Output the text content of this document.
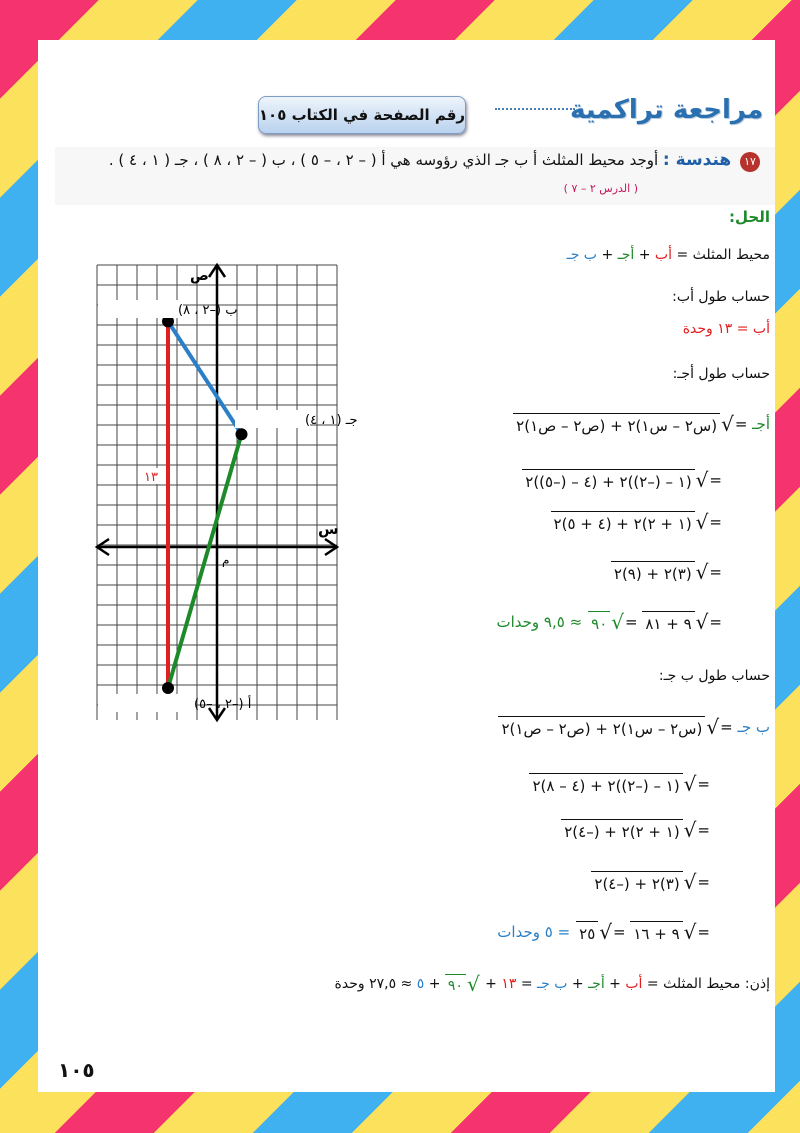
مراجعة تراكمية
رقم الصفحة في الكتاب ١٠٥
١٧ هندسة : أوجد محيط المثلث أ ب جـ الذي رؤوسه هي أ ( – ٢ ، – ٥ ) ، ب ( – ٢ ، ٨ ) ، جـ ( ١ ، ٤ ) .
( الدرس ٢ – ٧ )
الحل:
محيط المثلث = أب + أجـ + ب جـ
حساب طول أب:
أب = ١٣ وحدة
حساب طول أجـ:
أجـ
=
√
(س٢ – س١)٢ + (ص٢ – ص١)٢
=
√
(١ – (–٢))٢ + (٤ – (–٥))٢
=
√
(١ + ٢)٢ + (٤ + ٥)٢
=
√
(٣)٢ + (٩)٢
=
√
٩ + ٨١
=
√
٩٠
≈ ٩,٥ وحدات
حساب طول ب جـ:
ب جـ
=
√
(س٢ – س١)٢ + (ص٢ – ص١)٢
=
√
(١ – (–٢))٢ + (٤ – ٨)٢
=
√
(١ + ٢)٢ + (–٤)٢
=
√
(٣)٢ + (–٤)٢
=
√
٩ + ١٦
=
√
٢٥
= ٥ وحدات
إذن: محيط المثلث =

أب
+
أجـ
+
ب جـ

=

١٣
+
√
٩٠
+
٥

≈ ٢٧,٥ وحدة
١٠٥
ب (–٢ ، ٨)
جـ (١ ، ٤)
أ (–٢ ، –٥)
ص
س
م
١٣
